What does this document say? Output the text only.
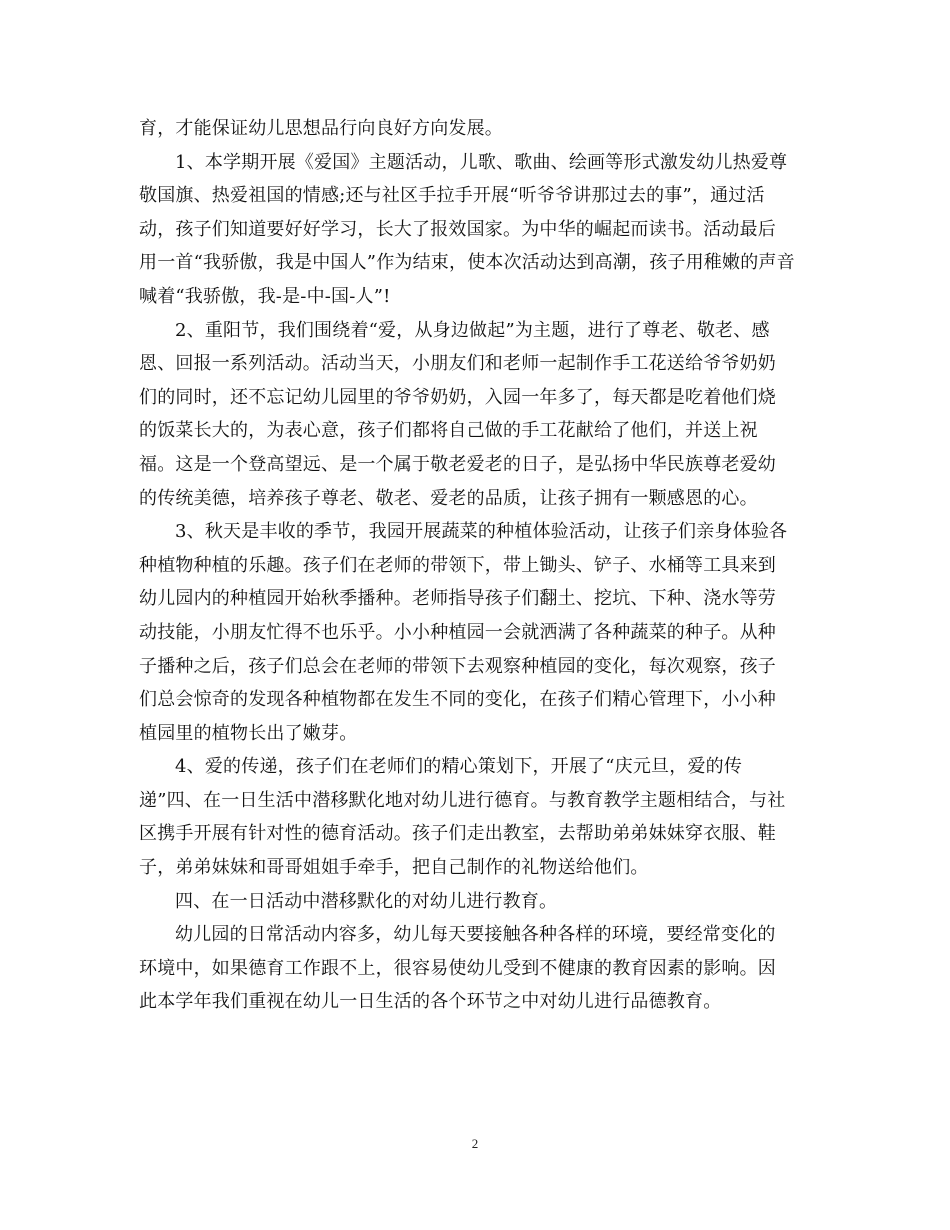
育，才能保证幼儿思想品行向良好方向发展。
1、本学期开展《爱国》主题活动，儿歌、歌曲、绘画等形式激发幼儿热爱尊
敬国旗、热爱祖国的情感;还与社区手拉手开展“听爷爷讲那过去的事”，通过活
动，孩子们知道要好好学习，长大了报效国家。为中华的崛起而读书。活动最后
用一首“我骄傲，我是中国人”作为结束，使本次活动达到高潮，孩子用稚嫩的声音
喊着“我骄傲，我-是-中-国-人”!
2、重阳节，我们围绕着“爱，从身边做起”为主题，进行了尊老、敬老、感
恩、回报一系列活动。活动当天，小朋友们和老师一起制作手工花送给爷爷奶奶
们的同时，还不忘记幼儿园里的爷爷奶奶，入园一年多了，每天都是吃着他们烧
的饭菜长大的，为表心意，孩子们都将自己做的手工花献给了他们，并送上祝
福。这是一个登高望远、是一个属于敬老爱老的日子，是弘扬中华民族尊老爱幼
的传统美德，培养孩子尊老、敬老、爱老的品质，让孩子拥有一颗感恩的心。
3、秋天是丰收的季节，我园开展蔬菜的种植体验活动，让孩子们亲身体验各
种植物种植的乐趣。孩子们在老师的带领下，带上锄头、铲子、水桶等工具来到
幼儿园内的种植园开始秋季播种。老师指导孩子们翻土、挖坑、下种、浇水等劳
动技能，小朋友忙得不也乐乎。小小种植园一会就洒满了各种蔬菜的种子。从种
子播种之后，孩子们总会在老师的带领下去观察种植园的变化，每次观察，孩子
们总会惊奇的发现各种植物都在发生不同的变化，在孩子们精心管理下，小小种
植园里的植物长出了嫩芽。
4、爱的传递，孩子们在老师们的精心策划下，开展了“庆元旦，爱的传
递”四、在一日生活中潜移默化地对幼儿进行德育。与教育教学主题相结合，与社
区携手开展有针对性的德育活动。孩子们走出教室，去帮助弟弟妹妹穿衣服、鞋
子，弟弟妹妹和哥哥姐姐手牵手，把自己制作的礼物送给他们。
四、在一日活动中潜移默化的对幼儿进行教育。
幼儿园的日常活动内容多，幼儿每天要接触各种各样的环境，要经常变化的
环境中，如果德育工作跟不上，很容易使幼儿受到不健康的教育因素的影响。因
此本学年我们重视在幼儿一日生活的各个环节之中对幼儿进行品德教育。
2
